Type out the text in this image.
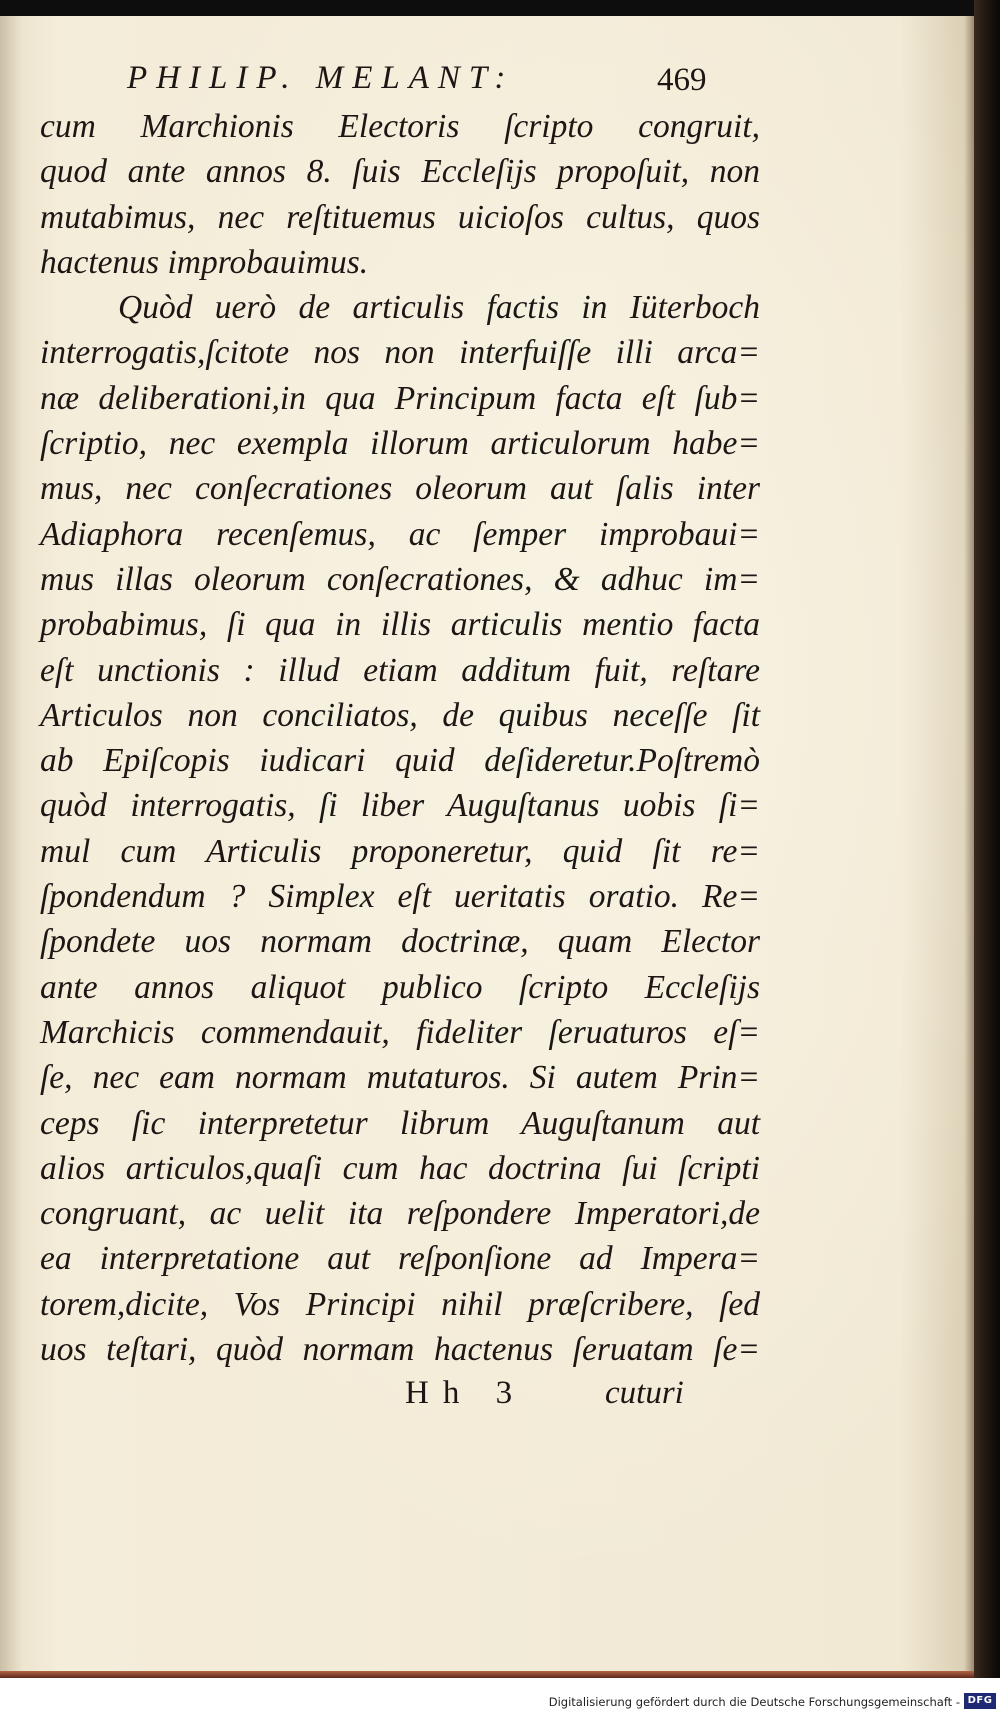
PHILIP. MELANT:	469
cum Marchionis Electoris ſcripto congruit,
quod ante annos 8. ſuis Eccleſijs propoſuit, non
mutabimus, nec reſtituemus uicioſos cultus, quos
hactenus improbauimus.
Quòd uerò de articulis factis in Iüterboch
interrogatis,ſcitote nos non interfuiſſe illi arca=
næ deliberationi,in qua Principum facta eſt ſub=
ſcriptio, nec exempla illorum articulorum habe=
mus, nec conſecrationes oleorum aut ſalis inter
Adiaphora recenſemus, ac ſemper improbaui=
mus illas oleorum conſecrationes, & adhuc im=
probabimus, ſi qua in illis articulis mentio facta
eſt unctionis : illud etiam additum fuit, reſtare
Articulos non conciliatos, de quibus neceſſe ſit
ab Epiſcopis iudicari quid deſideretur.Poſtremò
quòd interrogatis, ſi liber Auguſtanus uobis ſi=
mul cum Articulis proponeretur, quid ſit re=
ſpondendum ? Simplex eſt ueritatis oratio. Re=
ſpondete uos normam doctrinæ, quam Elector
ante annos aliquot publico ſcripto Eccleſijs
Marchicis commendauit, fideliter ſeruaturos eſ=
ſe, nec eam normam mutaturos. Si autem Prin=
ceps ſic interpretetur librum Auguſtanum aut
alios articulos,quaſi cum hac doctrina ſui ſcripti
congruant, ac uelit ita reſpondere Imperatori,de
ea interpretatione aut reſponſione ad Impera=
torem,dicite, Vos Principi nihil præſcribere, ſed
uos teſtari, quòd normam hactenus ſeruatam ſe=
Hh 3 cuturi
Digitalisierung gefördert durch die Deutsche Forschungsgemeinschaft - DFG
